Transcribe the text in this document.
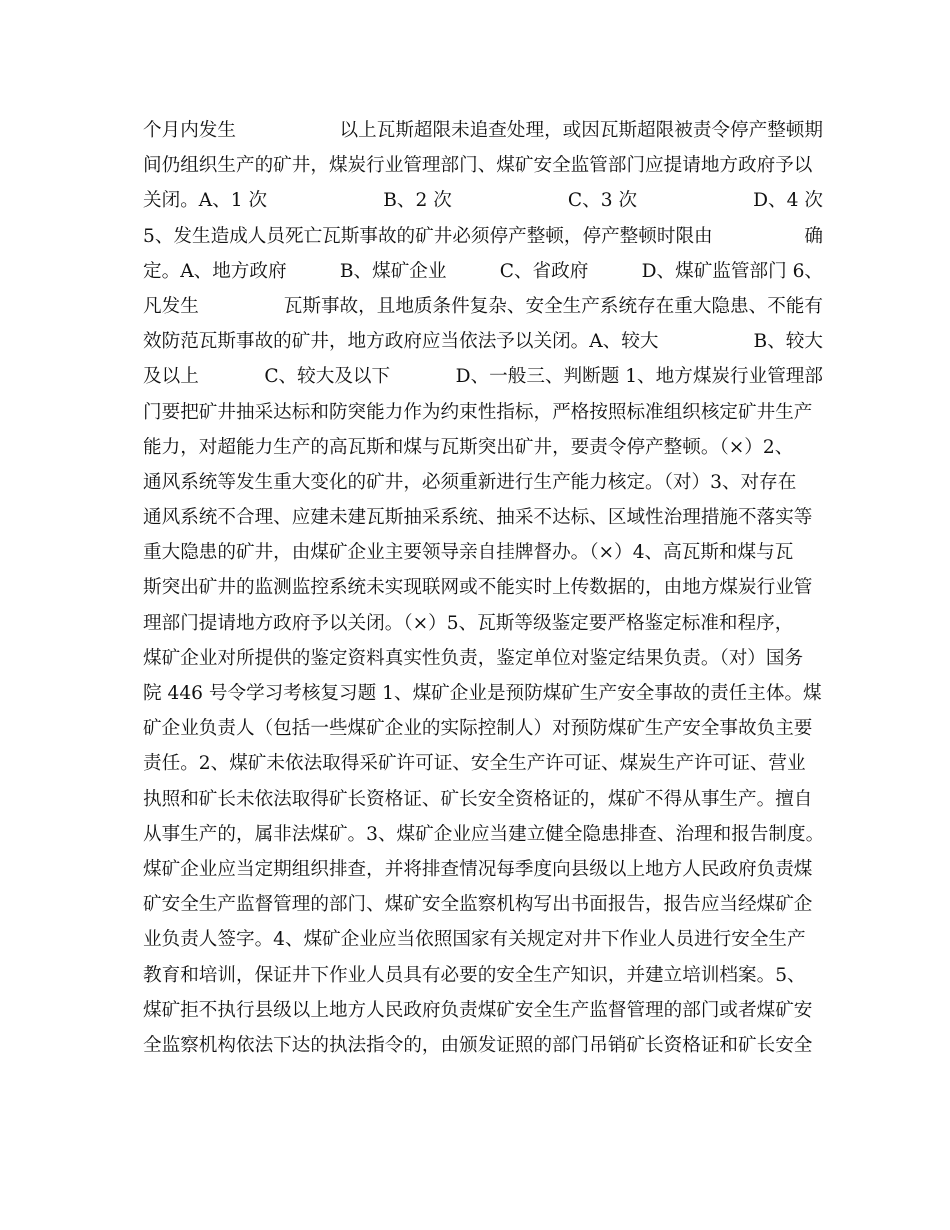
个月内发生	以上瓦斯超限未追查处理，或因瓦斯超限被责令停产整顿期
间仍组织生产的矿井，煤炭行业管理部门、煤矿安全监管部门应提请地方政府予以
关闭。A、1 次	B、2 次	C、3 次	D、4 次
5、发生造成人员死亡瓦斯事故的矿井必须停产整顿，停产整顿时限由	确
定。A、地方政府	B、煤矿企业	C、省政府	D、煤矿监管部门 6、
凡发生	瓦斯事故，且地质条件复杂、安全生产系统存在重大隐患、不能有
效防范瓦斯事故的矿井，地方政府应当依法予以关闭。A、较大	B、较大
及以上	C、较大及以下	D、一般三、判断题 1、地方煤炭行业管理部
门要把矿井抽采达标和防突能力作为约束性指标，严格按照标准组织核定矿井生产
能力，对超能力生产的高瓦斯和煤与瓦斯突出矿井，要责令停产整顿。（×）2、
通风系统等发生重大变化的矿井，必须重新进行生产能力核定。（对）3、对存在
通风系统不合理、应建未建瓦斯抽采系统、抽采不达标、区域性治理措施不落实等
重大隐患的矿井，由煤矿企业主要领导亲自挂牌督办。（×）4、高瓦斯和煤与瓦
斯突出矿井的监测监控系统未实现联网或不能实时上传数据的，由地方煤炭行业管
理部门提请地方政府予以关闭。（×）5、瓦斯等级鉴定要严格鉴定标准和程序，
煤矿企业对所提供的鉴定资料真实性负责，鉴定单位对鉴定结果负责。（对）国务
院 446 号令学习考核复习题 1、煤矿企业是预防煤矿生产安全事故的责任主体。煤
矿企业负责人（包括一些煤矿企业的实际控制人）对预防煤矿生产安全事故负主要
责任。2、煤矿未依法取得采矿许可证、安全生产许可证、煤炭生产许可证、营业
执照和矿长未依法取得矿长资格证、矿长安全资格证的，煤矿不得从事生产。擅自
从事生产的，属非法煤矿。3、煤矿企业应当建立健全隐患排查、治理和报告制度。
煤矿企业应当定期组织排查，并将排查情况每季度向县级以上地方人民政府负责煤
矿安全生产监督管理的部门、煤矿安全监察机构写出书面报告，报告应当经煤矿企
业负责人签字。4、煤矿企业应当依照国家有关规定对井下作业人员进行安全生产
教育和培训，保证井下作业人员具有必要的安全生产知识，并建立培训档案。5、
煤矿拒不执行县级以上地方人民政府负责煤矿安全生产监督管理的部门或者煤矿安
全监察机构依法下达的执法指令的，由颁发证照的部门吊销矿长资格证和矿长安全
